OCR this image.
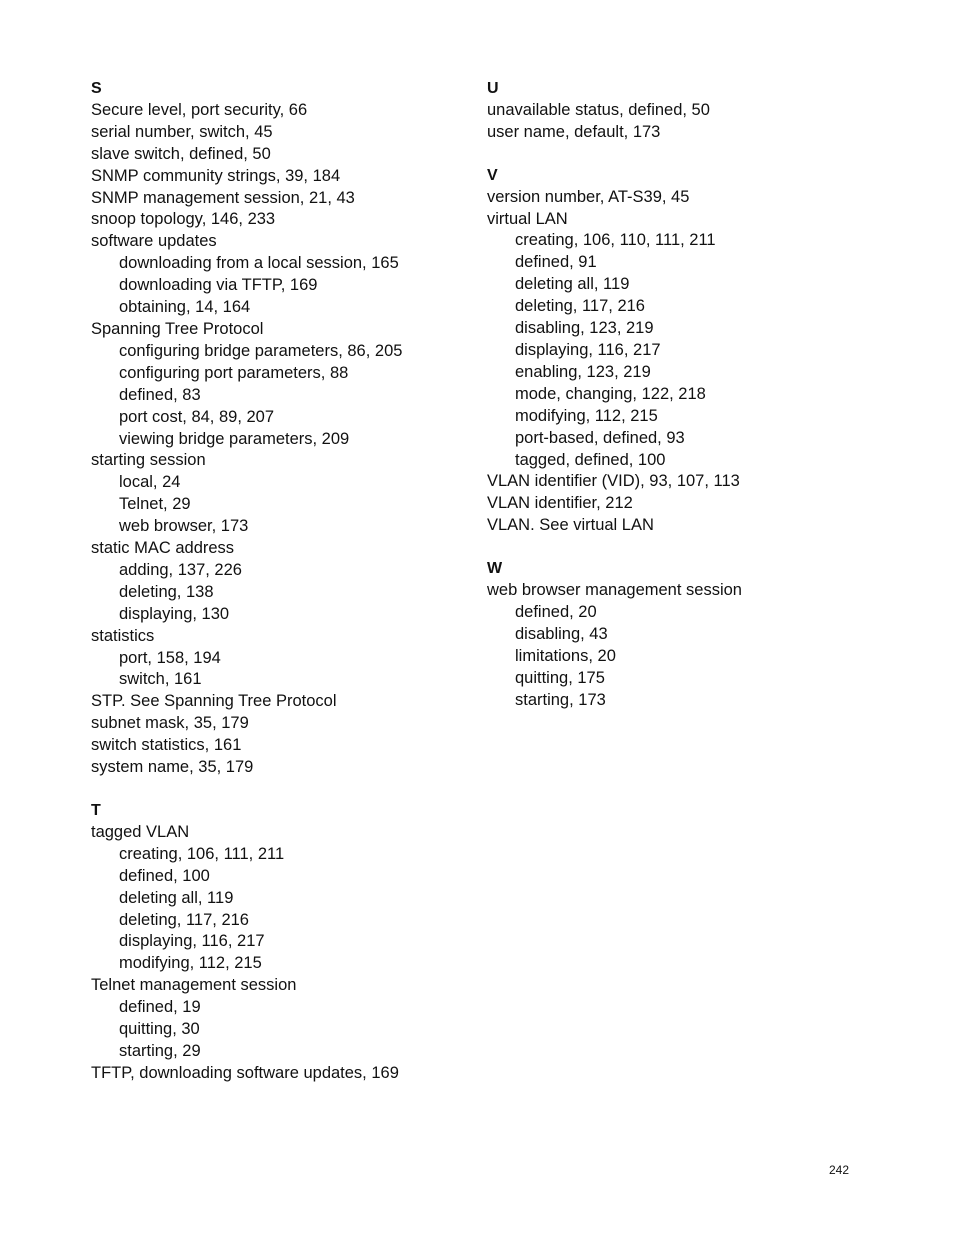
S
Secure level, port security, 66
serial number, switch, 45
slave switch, defined, 50
SNMP community strings, 39, 184
SNMP management session, 21, 43
snoop topology, 146, 233
software updates
downloading from a local session, 165
downloading via TFTP, 169
obtaining, 14, 164
Spanning Tree Protocol
configuring bridge parameters, 86, 205
configuring port parameters, 88
defined, 83
port cost, 84, 89, 207
viewing bridge parameters, 209
starting session
local, 24
Telnet, 29
web browser, 173
static MAC address
adding, 137, 226
deleting, 138
displaying, 130
statistics
port, 158, 194
switch, 161
STP. See Spanning Tree Protocol
subnet mask, 35, 179
switch statistics, 161
system name, 35, 179
T
tagged VLAN
creating, 106, 111, 211
defined, 100
deleting all, 119
deleting, 117, 216
displaying, 116, 217
modifying, 112, 215
Telnet management session
defined, 19
quitting, 30
starting, 29
TFTP, downloading software updates, 169
U
unavailable status, defined, 50
user name, default, 173
V
version number, AT-S39, 45
virtual LAN
creating, 106, 110, 111, 211
defined, 91
deleting all, 119
deleting, 117, 216
disabling, 123, 219
displaying, 116, 217
enabling, 123, 219
mode, changing, 122, 218
modifying, 112, 215
port-based, defined, 93
tagged, defined, 100
VLAN identifier (VID), 93, 107, 113
VLAN identifier, 212
VLAN. See virtual LAN
W
web browser management session
defined, 20
disabling, 43
limitations, 20
quitting, 175
starting, 173
242
